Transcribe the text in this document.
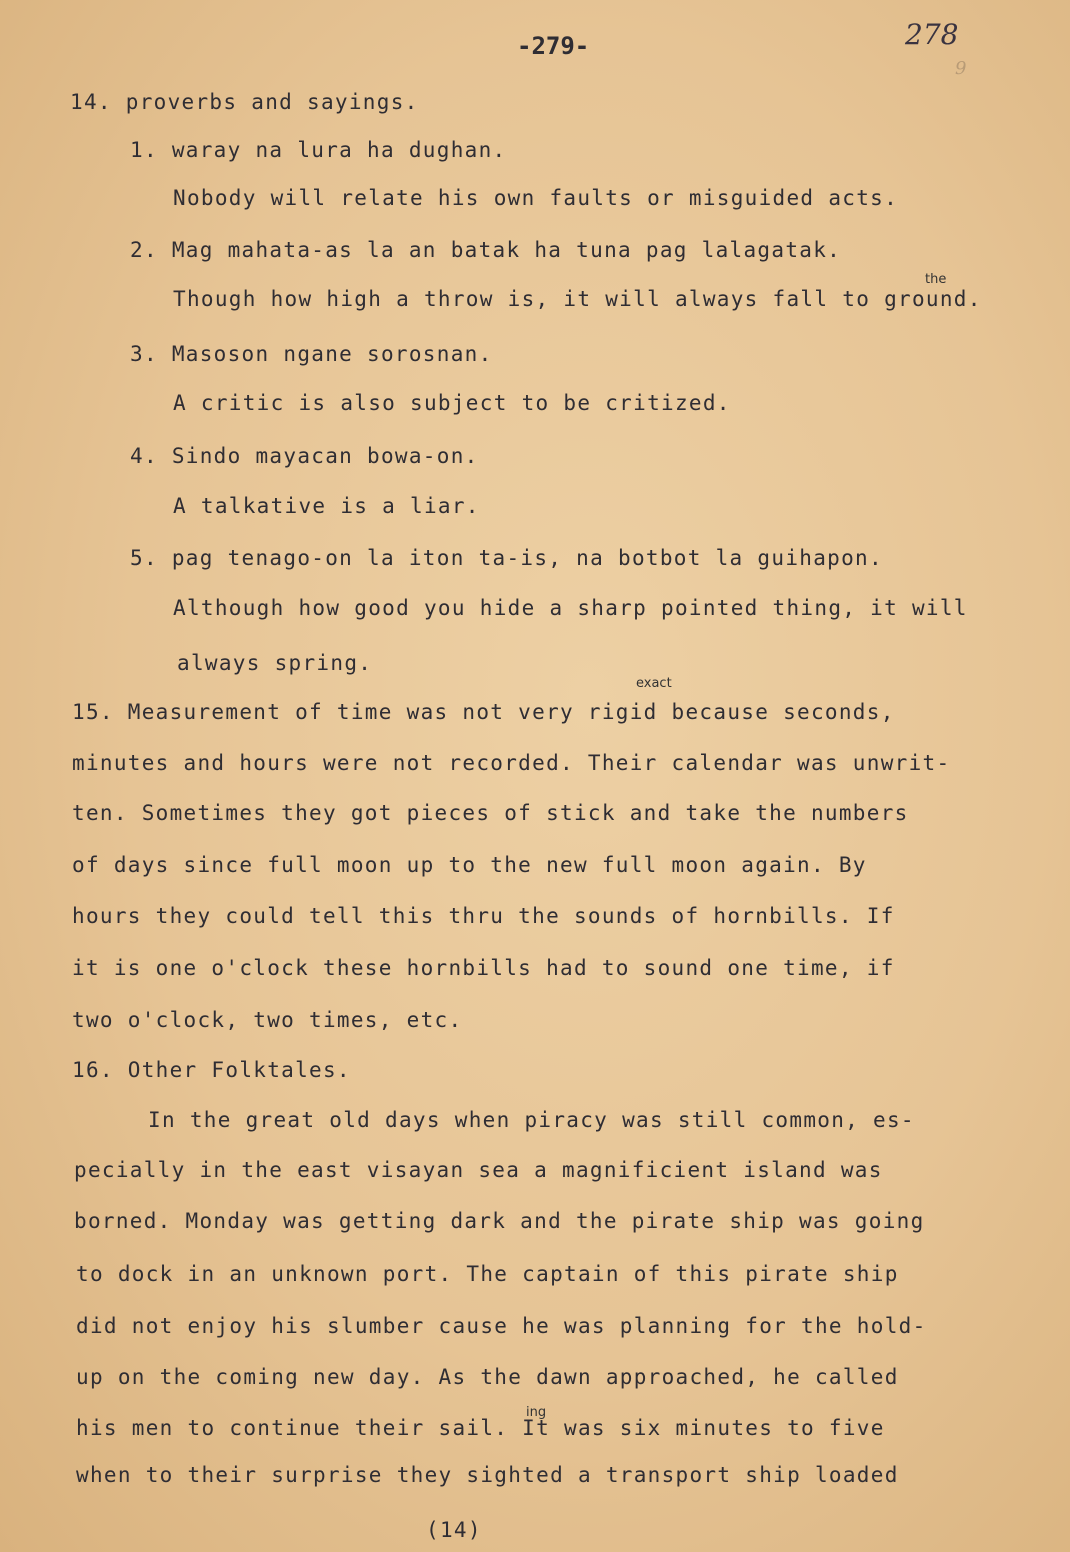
-279-	278
9
14. proverbs and sayings.
1. waray na lura ha dughan.
Nobody will relate his own faults or misguided acts.
2. Mag mahata-as la an batak ha tuna pag lalagatak.
Though how high a throw is, it will always fall to ground.
the
3. Masoson ngane sorosnan.
A critic is also subject to be critized.
4. Sindo mayacan bowa-on.
A talkative is a liar.
5. pag tenago-on la iton ta-is, na botbot la guihapon.
Although how good you hide a sharp pointed thing, it will
always spring.
exact
15. Measurement of time was not very rigid because seconds,
minutes and hours were not recorded. Their calendar was unwrit-
ten. Sometimes they got pieces of stick and take the numbers
of days since full moon up to the new full moon again. By
hours they could tell this thru the sounds of hornbills. If
it is one o'clock these hornbills had to sound one time, if
two o'clock, two times, etc.
16. Other Folktales.
In the great old days when piracy was still common, es-
pecially in the east visayan sea a magnificient island was
borned. Monday was getting dark and the pirate ship was going
to dock in an unknown port. The captain of this pirate ship
did not enjoy his slumber cause he was planning for the hold-
up on the coming new day. As the dawn approached, he called
ing
his men to continue their sail. It was six minutes to five
when to their surprise they sighted a transport ship loaded
(14)
